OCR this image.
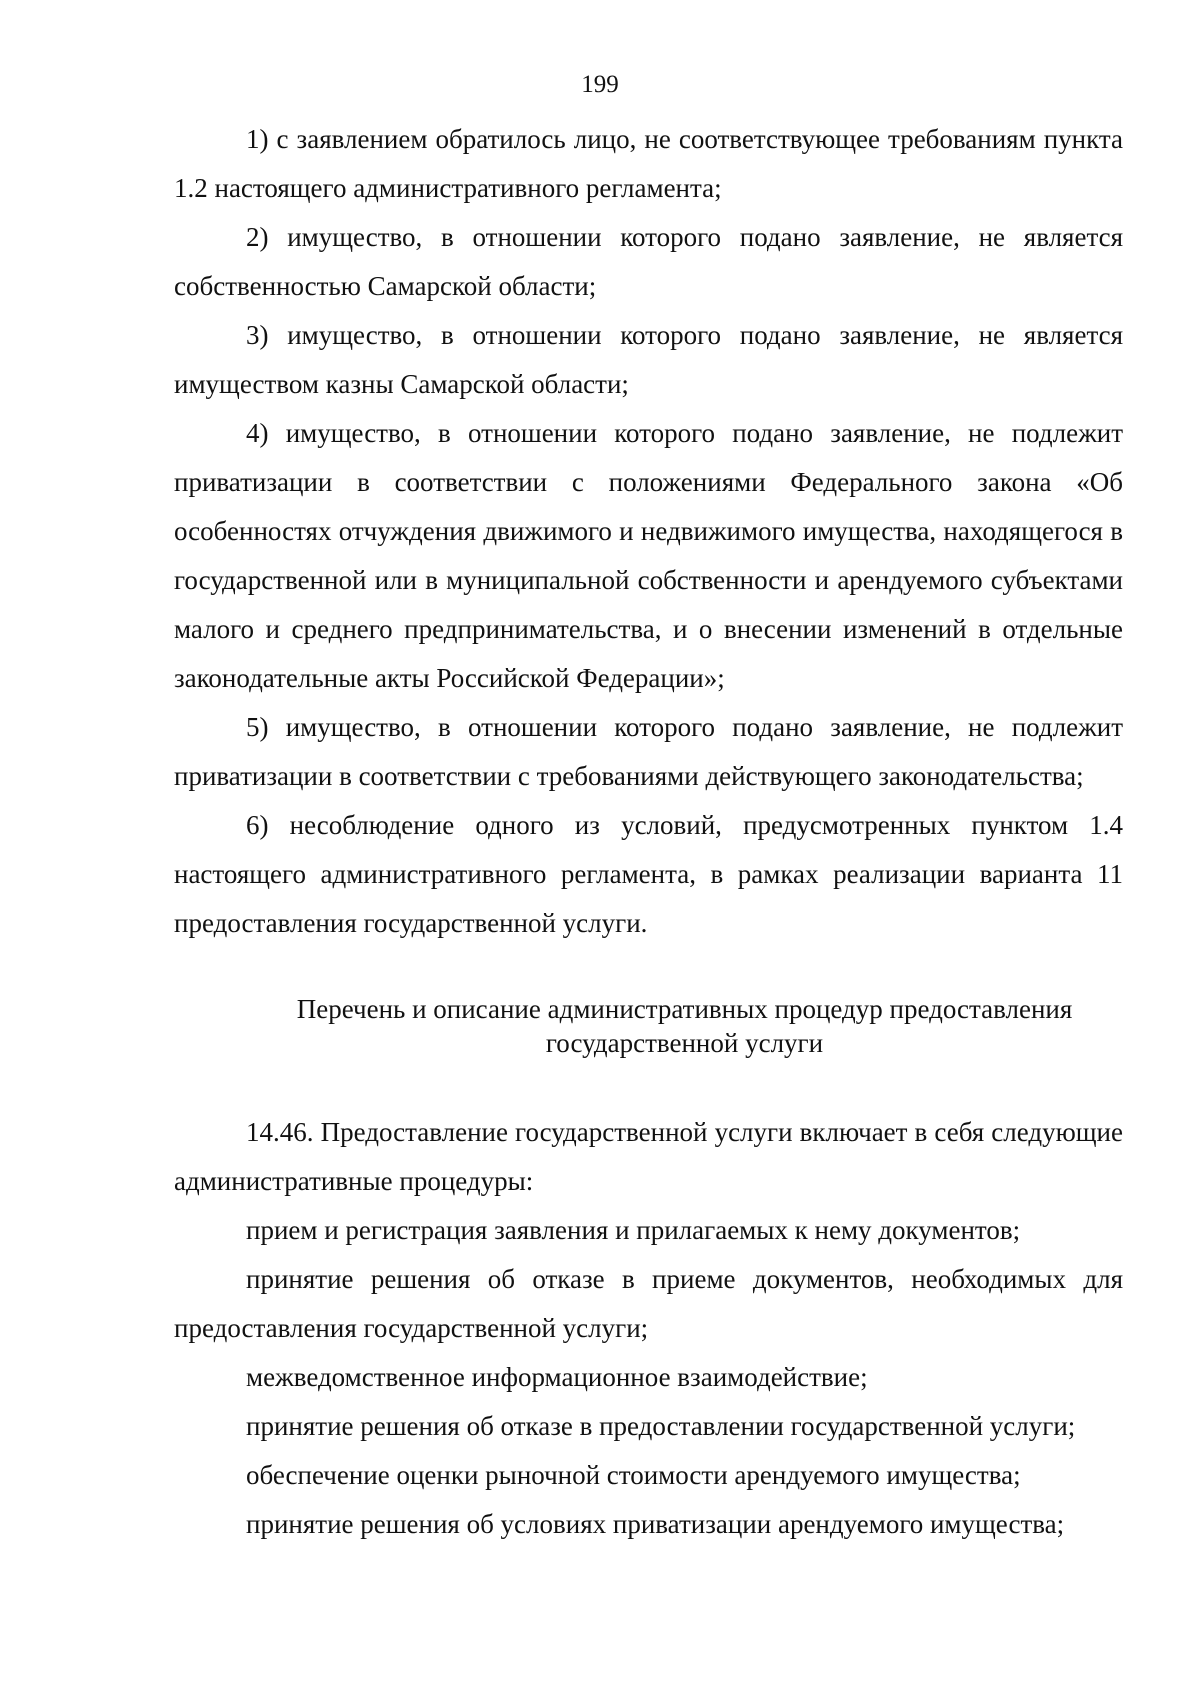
199

1) с заявлением обратилось лицо, не соответствующее требованиям пункта 1.2 настоящего административного регламента;

2) имущество, в отношении которого подано заявление, не является собственностью Самарской области;

3) имущество, в отношении которого подано заявление, не является имуществом казны Самарской области;

4) имущество, в отношении которого подано заявление, не подлежит приватизации в соответствии с положениями Федерального закона «Об особенностях отчуждения движимого и недвижимого имущества, находящегося в государственной или в муниципальной собственности и арендуемого субъектами малого и среднего предпринимательства, и о внесении изменений в отдельные законодательные акты Российской Федерации»;

5) имущество, в отношении которого подано заявление, не подлежит приватизации в соответствии с требованиями действующего законодательства;

6) несоблюдение одного из условий, предусмотренных пунктом 1.4 настоящего административного регламента, в рамках реализации варианта 11 предоставления государственной услуги.

Перечень и описание административных процедур предоставления
государственной услуги

14.46. Предоставление государственной услуги включает в себя следующие административные процедуры:

прием и регистрация заявления и прилагаемых к нему документов;

принятие решения об отказе в приеме документов, необходимых для предоставления государственной услуги;

межведомственное информационное взаимодействие;

принятие решения об отказе в предоставлении государственной услуги;

обеспечение оценки рыночной стоимости арендуемого имущества;

принятие решения об условиях приватизации арендуемого имущества;
